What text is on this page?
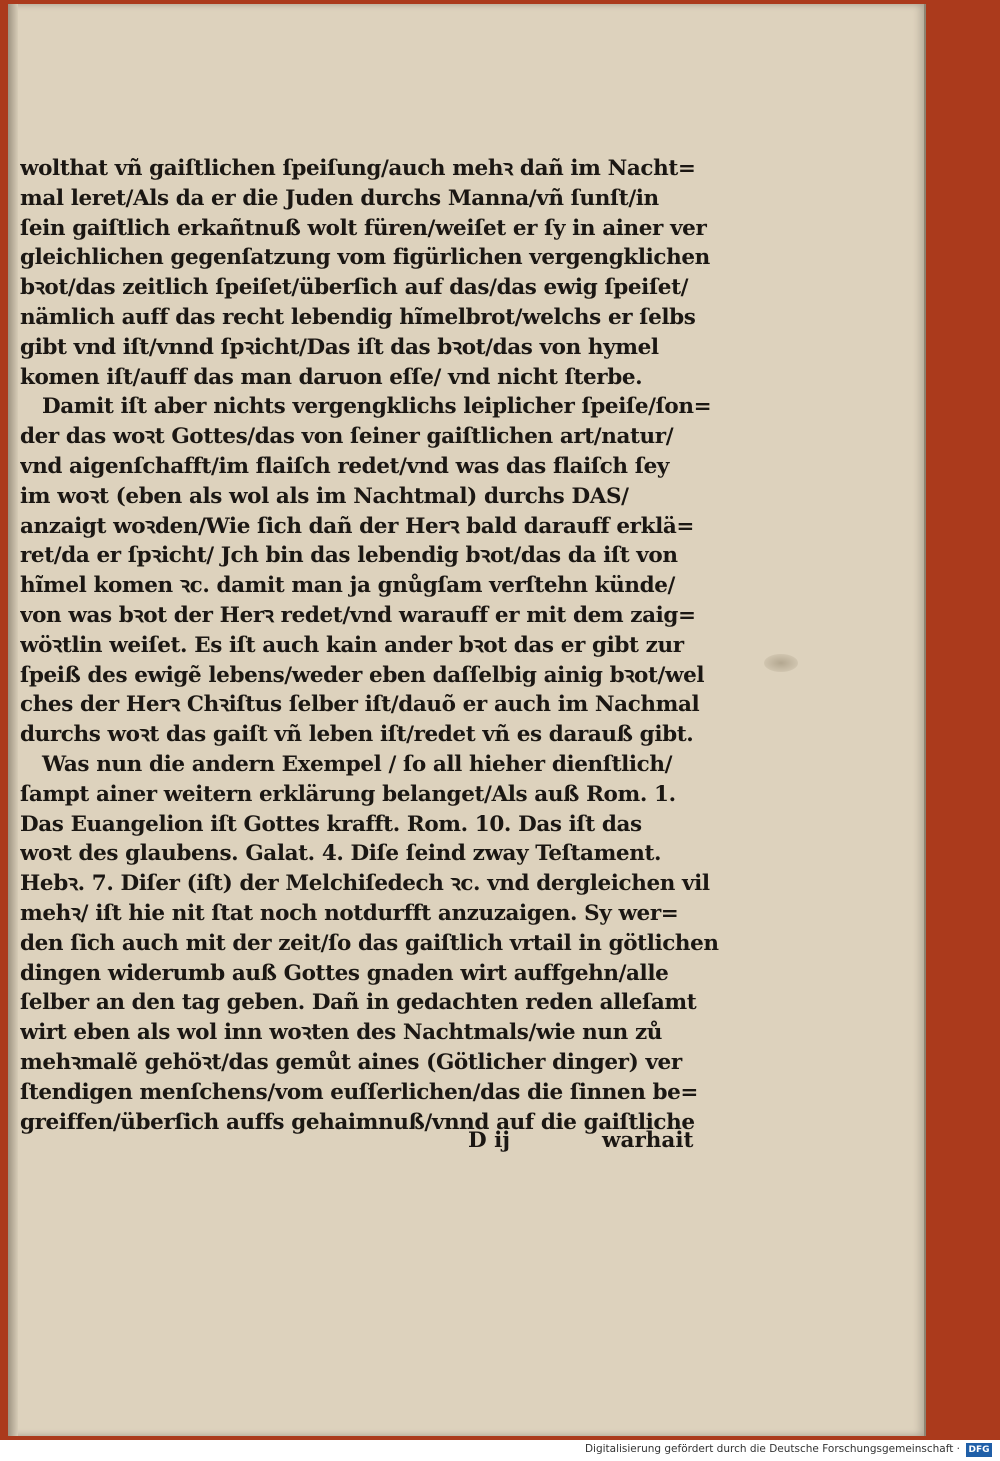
wolthat vñ gaiſtlichen ſpeiſung/auch mehꝛ dañ im Nacht=
mal leret/Als da er die Juden durchs Manna/vñ ſunſt/in
ſein gaiſtlich erkañtnuß wolt füren/weiſet er ſy in ainer ver
gleichlichen gegenſatzung vom figürlichen vergengklichen
bꝛot/das zeitlich ſpeiſet/überſich auf das/das ewig ſpeiſet/
nämlich auff das recht lebendig hĩmelbrot/welchs er ſelbs
gibt vnd iſt/vnnd ſpꝛicht/Das iſt das bꝛot/das von hymel
komen iſt/auff das man daruon eſſe/ vnd nicht ſterbe.
Damit iſt aber nichts vergengklichs leiplicher ſpeiſe/ſon=
der das woꝛt Gottes/das von ſeiner gaiſtlichen art/natur/
vnd aigenſchafft/im flaiſch redet/vnd was das flaiſch ſey
im woꝛt (eben als wol als im Nachtmal) durchs DAS/
anzaigt woꝛden/Wie ſich dañ der Herꝛ bald darauff erklä=
ret/da er ſpꝛicht/ Jch bin das lebendig bꝛot/das da iſt von
hĩmel komen ꝛc. damit man ja gnůgſam verſtehn künde/
von was bꝛot der Herꝛ redet/vnd warauff er mit dem zaig=
wöꝛtlin weiſet. Es iſt auch kain ander bꝛot das er gibt zur
ſpeiß des ewigẽ lebens/weder eben daſſelbig ainig bꝛot/wel
ches der Herꝛ Chꝛiſtus ſelber iſt/dauõ er auch im Nachmal
durchs woꝛt das gaiſt vñ leben iſt/redet vñ es darauß gibt.
Was nun die andern Exempel / ſo all hieher dienſtlich/
ſampt ainer weitern erklärung belanget/Als auß Rom. 1.
Das Euangelion iſt Gottes krafft. Rom. 10. Das iſt das
woꝛt des glaubens. Galat. 4. Diſe ſeind zway Teſtament.
Hebꝛ. 7. Diſer (iſt) der Melchiſedech ꝛc. vnd dergleichen vil
mehꝛ/ iſt hie nit ſtat noch notdurfft anzuzaigen. Sy wer=
den ſich auch mit der zeit/ſo das gaiſtlich vrtail in götlichen
dingen widerumb auß Gottes gnaden wirt auffgehn/alle
ſelber an den tag geben. Dañ in gedachten reden alleſamt
wirt eben als wol inn woꝛten des Nachtmals/wie nun zů
mehꝛmalẽ gehöꝛt/das gemůt aines (Götlicher dinger) ver
ſtendigen menſchens/vom euſſerlichen/das die ſinnen be=
greiffen/überſich auffs gehaimnuß/vnnd auf die gaiſtliche
D ij	warhait
Digitalisierung gefördert durch die Deutsche Forschungsgemeinschaft · DFG
